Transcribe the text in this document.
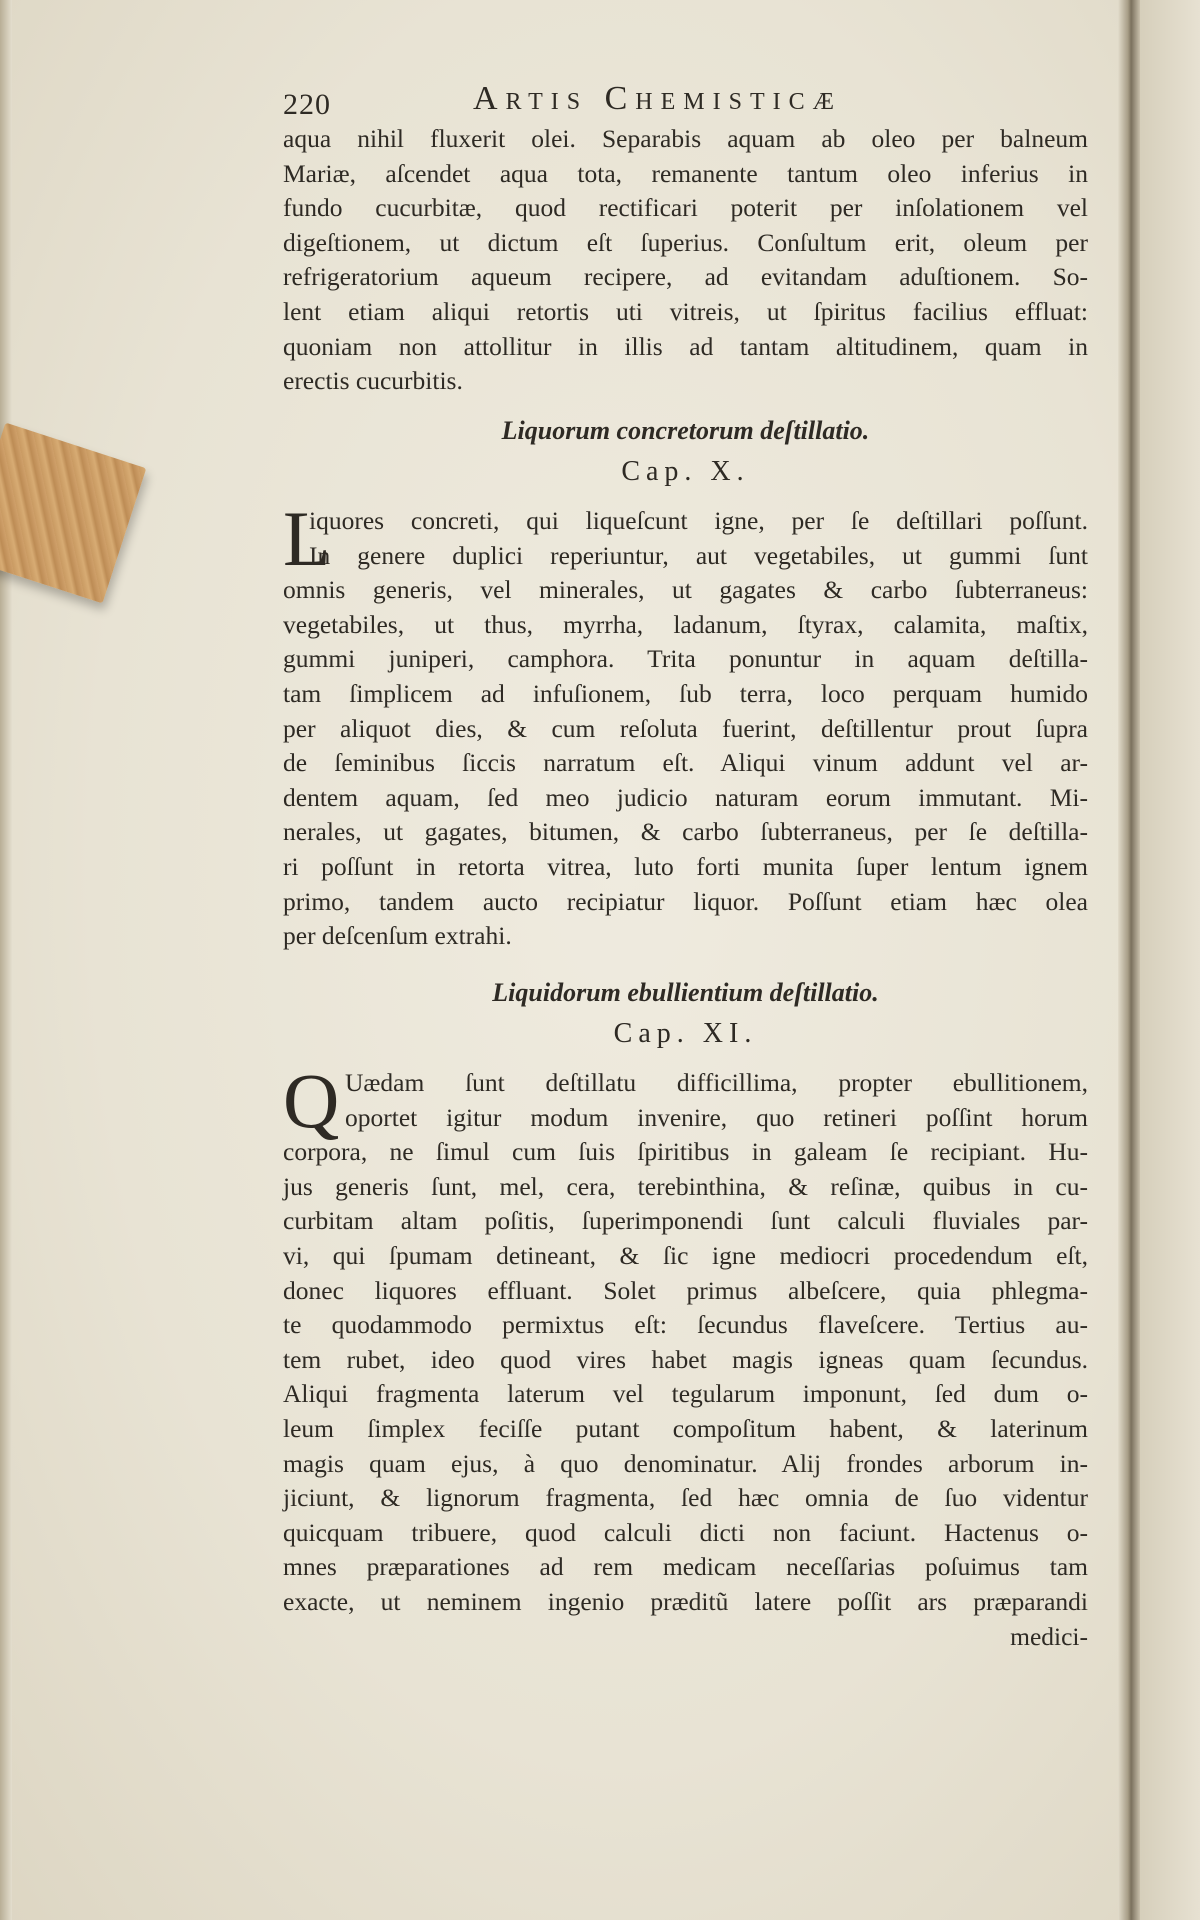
220	Artis Chemisticæ
aqua nihil fluxerit olei. Separabis aquam ab oleo per balneum
Mariæ, aſcendet aqua tota, remanente tantum oleo inferius in
fundo cucurbitæ, quod rectificari poterit per inſolationem vel
digeſtionem, ut dictum eſt ſuperius. Conſultum erit, oleum per
refrigeratorium aqueum recipere, ad evitandam aduſtionem. So-
lent etiam aliqui retortis uti vitreis, ut ſpiritus facilius effluat:
quoniam non attollitur in illis ad tantam altitudinem, quam in
erectis cucurbitis.
Liquorum concretorum deſtillatio.
Cap. X.
L
iquores concreti, qui liqueſcunt igne, per ſe deſtillari poſſunt.
In genere duplici reperiuntur, aut vegetabiles, ut gummi ſunt
omnis generis, vel minerales, ut gagates & carbo ſubterraneus:
vegetabiles, ut thus, myrrha, ladanum, ſtyrax, calamita, maſtix,
gummi juniperi, camphora. Trita ponuntur in aquam deſtilla-
tam ſimplicem ad infuſionem, ſub terra, loco perquam humido
per aliquot dies, & cum reſoluta fuerint, deſtillentur prout ſupra
de ſeminibus ſiccis narratum eſt. Aliqui vinum addunt vel ar-
dentem aquam, ſed meo judicio naturam eorum immutant. Mi-
nerales, ut gagates, bitumen, & carbo ſubterraneus, per ſe deſtilla-
ri poſſunt in retorta vitrea, luto forti munita ſuper lentum ignem
primo, tandem aucto recipiatur liquor. Poſſunt etiam hæc olea
per deſcenſum extrahi.
Liquidorum ebullientium deſtillatio.
Cap. XI.
Q Uædam ſunt deſtillatu difficillima, propter ebullitionem,
oportet igitur modum invenire, quo retineri poſſint horum
corpora, ne ſimul cum ſuis ſpiritibus in galeam ſe recipiant. Hu-
jus generis ſunt, mel, cera, terebinthina, & reſinæ, quibus in cu-
curbitam altam poſitis, ſuperimponendi ſunt calculi fluviales par-
vi, qui ſpumam detineant, & ſic igne mediocri procedendum eſt,
donec liquores effluant. Solet primus albeſcere, quia phlegma-
te quodammodo permixtus eſt: ſecundus flaveſcere. Tertius au-
tem rubet, ideo quod vires habet magis igneas quam ſecundus.
Aliqui fragmenta laterum vel tegularum imponunt, ſed dum o-
leum ſimplex feciſſe putant compoſitum habent, & laterinum
magis quam ejus, à quo denominatur. Alij frondes arborum in-
jiciunt, & lignorum fragmenta, ſed hæc omnia de ſuo videntur
quicquam tribuere, quod calculi dicti non faciunt. Hactenus o-
mnes præparationes ad rem medicam neceſſarias poſuimus tam
exacte, ut neminem ingenio præditũ latere poſſit ars præparandi
medici-
